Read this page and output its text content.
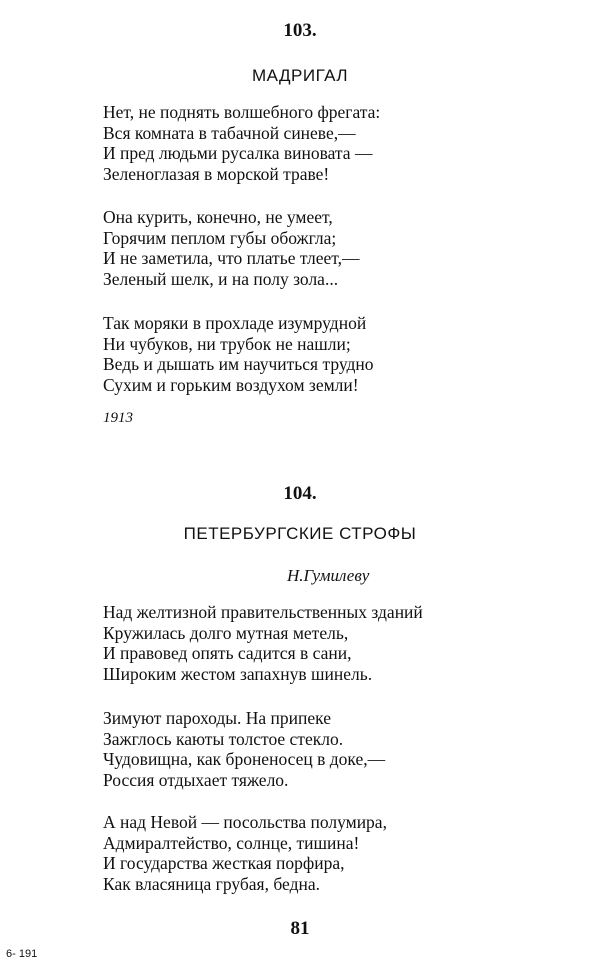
103.
МАДРИГАЛ
Нет, не поднять волшебного фрегата:
Вся комната в табачной синеве,—
И пред людьми русалка виновата —
Зеленоглазая в морской траве!
Она курить, конечно, не умеет,
Горячим пеплом губы обожгла;
И не заметила, что платье тлеет,—
Зеленый шелк, и на полу зола...
Так моряки в прохладе изумрудной
Ни чубуков, ни трубок не нашли;
Ведь и дышать им научиться трудно
Сухим и горьким воздухом земли!
1913
104.
ПЕТЕРБУРГСКИЕ СТРОФЫ
Н.Гумилеву
Над желтизной правительственных зданий
Кружилась долго мутная метель,
И правовед опять садится в сани,
Широким жестом запахнув шинель.
Зимуют пароходы. На припеке
Зажглось каюты толстое стекло.
Чудовищна, как броненосец в доке,—
Россия отдыхает тяжело.
А над Невой — посольства полумира,
Адмиралтейство, солнце, тишина!
И государства жесткая порфира,
Как власяница грубая, бедна.
81
6- 191
